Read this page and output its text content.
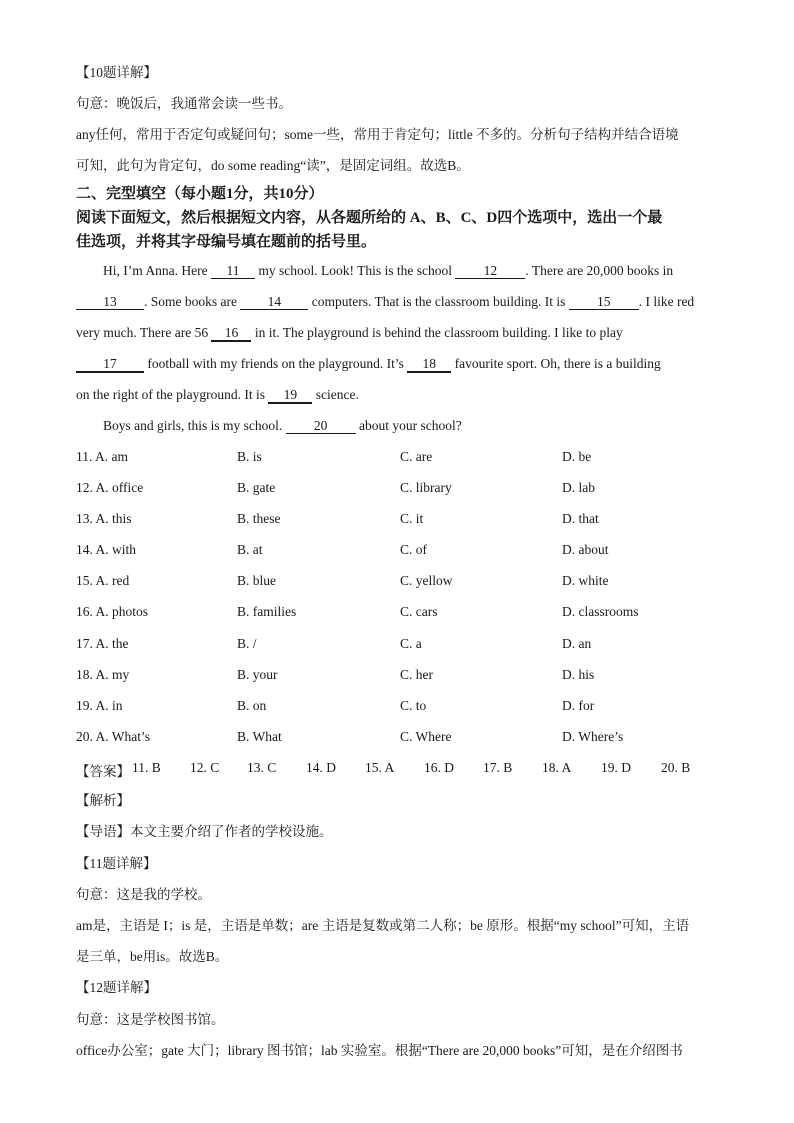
【10题详解】
句意：晚饭后，我通常会读一些书。
any任何，常用于否定句或疑问句；some一些，常用于肯定句；little 不多的。分析句子结构并结合语境
可知，此句为肯定句，do some reading“读”，是固定词组。故选B。
二、完型填空（每小题1分，共10分）
阅读下面短文，然后根据短文内容，从各题所给的 A、B、C、D四个选项中，选出一个最
佳选项，并将其字母编号填在题前的括号里。
Hi, I’m Anna. Here 11 my school. Look! This is the school 12 . There are 20,000 books in
13 . Some books are 14 computers. That is the classroom building. It is 15 . I like red
very much. There are 56 16 in it. The playground is behind the classroom building. I like to play
17 football with my friends on the playground. It’s 18 favourite sport. Oh, there is a building
on the right of the playground. It is 19 science.
Boys and girls, this is my school. 20 about your school?
11. A. am	B. is	C. are	D. be
12. A. office	B. gate	C. library	D. lab
13. A. this	B. these	C. it	D. that
14. A. with	B. at	C. of	D. about
15. A. red	B. blue	C. yellow	D. white
16. A. photos	B. families	C. cars	D. classrooms
17. A. the	B. /	C. a	D. an
18. A. my	B. your	C. her	D. his
19. A. in	B. on	C. to	D. for
20. A. What’s	B. What	C. Where	D. Where’s
【答案】 11. B 12. C 13. C 14. D 15. A 16. D 17. B 18. A 19. D 20. B
【解析】
【导语】本文主要介绍了作者的学校设施。
【11题详解】
句意：这是我的学校。
am是，主语是 I；is 是，主语是单数；are 主语是复数或第二人称；be 原形。根据“my school”可知，主语
是三单，be用is。故选B。
【12题详解】
句意：这是学校图书馆。
office办公室；gate 大门；library 图书馆；lab 实验室。根据“There are 20,000 books”可知，是在介绍图书
